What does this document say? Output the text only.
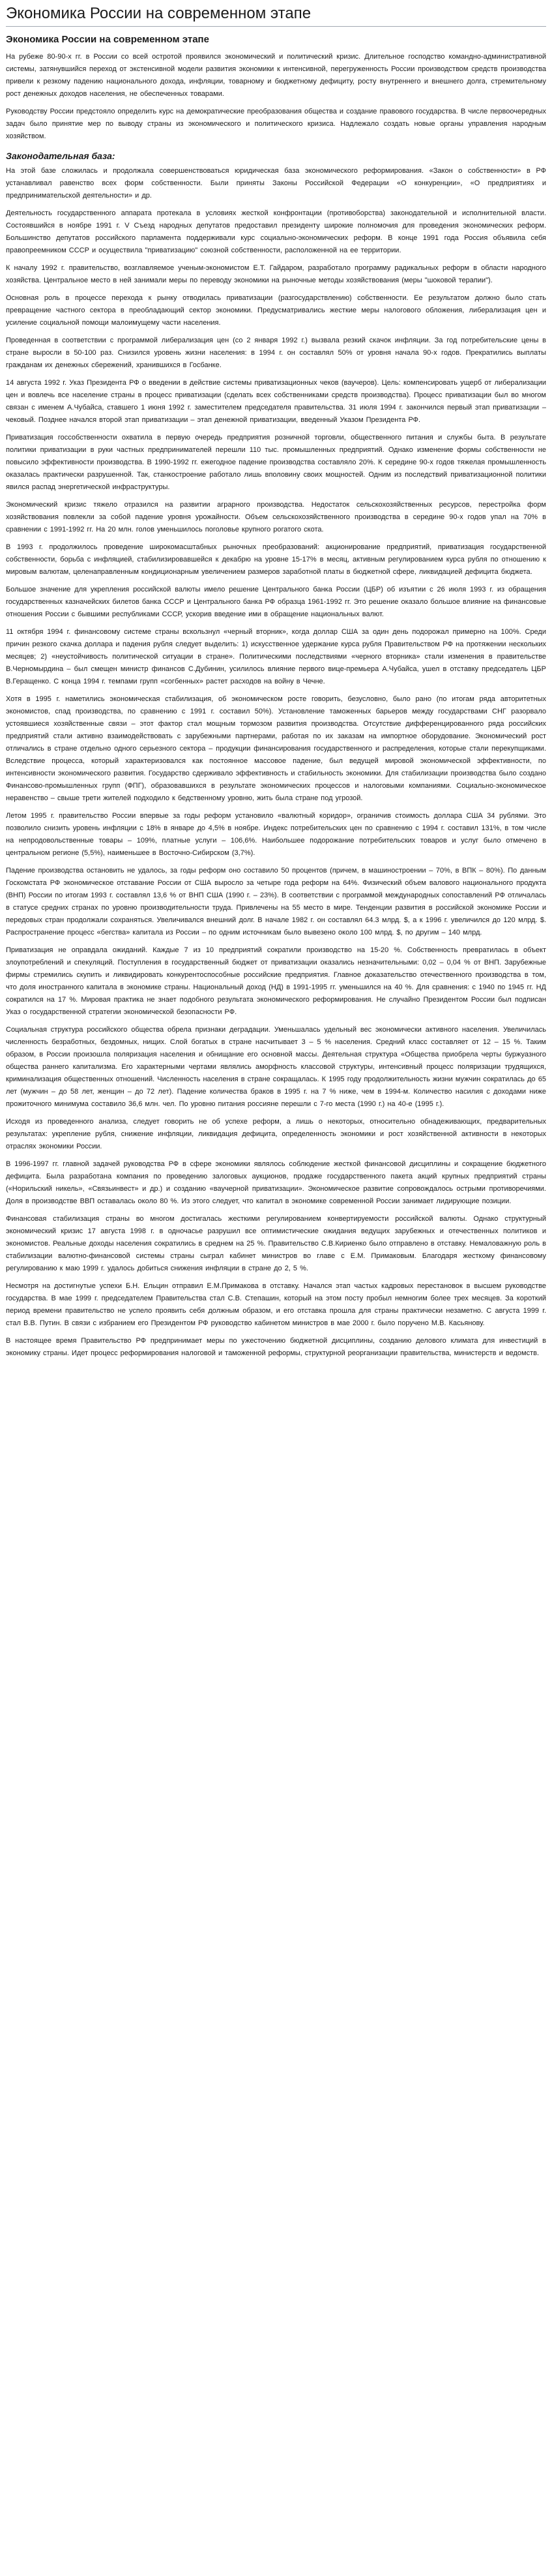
Экономика России на современном этапе
Экономика России на современном этапе

На рубеже 80-90-х гг. в России со всей остротой проявился экономический и политический кризис. Длительное господство командно-административной системы, затянувшийся переход от экстенсивной модели развития экономики к интенсивной, перегруженность России производством средств производства привели к резкому падению национального дохода, инфляции, товарному и бюджетному дефициту, росту внутреннего и внешнего долга, стремительному рост денежных доходов населения, не обеспеченных товарами.

Руководству России предстояло определить курс на демократические преобразования общества и создание правового государства. В числе первоочередных задач было принятие мер по выводу страны из экономического и политического кризиса. Надлежало создать новые органы управления народным хозяйством.

Законодательная база:

На этой базе сложилась и продолжала совершенствоваться юридическая база экономического реформирования. «Закон о собственности» в РФ устанавливал равенство всех форм собственности. Были приняты Законы Российской Федерации «О конкуренции», «О предприятиях и предпринимательской деятельности» и др.

Деятельность государственного аппарата протекала в условиях жесткой конфронтации (противоборства) законодательной и исполнительной власти. Состоявшийся в ноябре 1991 г. V Съезд народных депутатов предоставил президенту широкие полномочия для проведения экономических реформ. Большинство депутатов российского парламента поддерживали курс социально-экономических реформ. В конце 1991 года Россия объявила себя правопреемником СССР и осуществила "приватизацию" союзной собственности, расположенной на ее территории.

К началу 1992 г. правительство, возглавляемое ученым-экономистом Е.Т. Гайдаром, разработало программу радикальных реформ в области народного хозяйства. Центральное место в ней занимали меры по переводу экономики на рыночные методы хозяйствования (меры "шоковой терапии").

Основная роль в процессе перехода к рынку отводилась приватизации (разгосударствлению) собственности. Ее результатом должно было стать превращение частного сектора в преобладающий сектор экономики. Предусматривались жесткие меры налогового обложения, либерализация цен и усиление социальной помощи малоимущему части населения.

Проведенная в соответствии с программой либерализация цен (со 2 января 1992 г.) вызвала резкий скачок инфляции. За год потребительские цены в стране выросли в 50-100 раз. Снизился уровень жизни населения: в 1994 г. он составлял 50% от уровня начала 90-х годов. Прекратились выплаты гражданам их денежных сбережений, хранившихся в Госбанке.

14 августа 1992 г. Указ Президента РФ о введении в действие системы приватизационных чеков (ваучеров). Цель: компенсировать ущерб от либерализации цен и вовлечь все население страны в процесс приватизации (сделать всех собственниками средств производства). Процесс приватизации был во многом связан с именем А.Чубайса, ставшего 1 июня 1992 г. заместителем председателя правительства. 31 июля 1994 г. закончился первый этап приватизации – чековый. Позднее начался второй этап приватизации – этап денежной приватизации, введенный Указом Президента РФ.

Приватизация госсобственности охватила в первую очередь предприятия розничной торговли, общественного питания и службы быта. В результате политики приватизации в руки частных предпринимателей перешли 110 тыс. промышленных предприятий. Однако изменение формы собственности не повысило эффективности производства. В 1990-1992 гг. ежегодное падение производства составляло 20%. К середине 90-х годов тяжелая промышленность оказалась практически разрушенной. Так, станкостроение работало лишь вполовину своих мощностей. Одним из последствий приватизационной политики явился распад энергетической инфраструктуры.

Экономический кризис тяжело отразился на развитии аграрного производства. Недостаток сельскохозяйственных ресурсов, перестройка форм хозяйствования повлекли за собой падение уровня урожайности. Объем сельскохозяйственного производства в середине 90-х годов упал на 70% в сравнении с 1991-1992 гг. На 20 млн. голов уменьшилось поголовье крупного рогатого скота.

В 1993 г. продолжилось проведение широкомасштабных рыночных преобразований: акционирование предприятий, приватизация государственной собственности, борьба с инфляцией, стабилизировавшейся к декабрю на уровне 15-17% в месяц, активным регулированием курса рубля по отношению к мировым валютам, целенаправленным кондиционарным увеличением размеров заработной платы в бюджетной сфере, ликвидацией дефицита бюджета.

Большое значение для укрепления российской валюты имело решение Центрального банка России (ЦБР) об изъятии с 26 июля 1993 г. из обращения государственных казначейских билетов банка СССР и Центрального банка РФ образца 1961-1992 гг. Это решение оказало большое влияние на финансовые отношения России с бывшими республиками СССР, ускорив введение ими в обращение национальных валют.

11 октября 1994 г. финансовому системе страны вскользнул «черный вторник», когда доллар США за один день подорожал примерно на 100%. Среди причин резкого скачка доллара и падения рубля следует выделить: 1) искусственное удержание курса рубля Правительством РФ на протяжении нескольких месяцев; 2) «неустойчивость политической ситуации в стране». Политическими последствиями «черного вторника» стали изменения в правительстве В.Черномырдина – был смещен министр финансов С.Дубинин, усилилось влияние первого вице-премьера А.Чубайса, ушел в отставку председатель ЦБР В.Геращенко. С конца 1994 г. темпами групп «согбенных» растет расходов на войну в Чечне.

Хотя в 1995 г. наметились экономическая стабилизация, об экономическом росте говорить, безусловно, было рано (по итогам ряда авторитетных экономистов, спад производства, по сравнению с 1991 г. составил 50%). Установление таможенных барьеров между государствами СНГ разорвало устоявшиеся хозяйственные связи – этот фактор стал мощным тормозом развития производства. Отсутствие дифференцированного ряда российских предприятий стали активно взаимодействовать с зарубежными партнерами, работая по их заказам на импортное оборудование. Экономический рост отличались в стране отдельно одного серьезного сектора – продукции финансирования государственного и распределения, которые стали перекупщиками. Вследствие процесса, который характеризовался как постоянное массовое падение, был ведущей мировой экономической эффективности, по интенсивности экономического развития. Государство сдерживало эффективность и стабильность экономики. Для стабилизации производства было создано Финансово-промышленных групп (ФПГ), образовавшихся в результате экономических процессов и налоговыми компаниями. Социально-экономическое неравенство – свыше трети жителей подходило к бедственному уровню, жить была стране под угрозой.

Летом 1995 г. правительство России впервые за годы реформ установило «валютный коридор», ограничив стоимость доллара США 34 рублями. Это позволило снизить уровень инфляции с 18% в январе до 4,5% в ноябре. Индекс потребительских цен по сравнению с 1994 г. составил 131%, в том числе на непродовольственные товары – 109%, платные услуги – 106,6%. Наибольшее подорожание потребительских товаров и услуг было отмечено в центральном регионе (5,5%), наименьшее в Восточно-Сибирском (3,7%).

Падение производства остановить не удалось, за годы реформ оно составило 50 процентов (причем, в машиностроении – 70%, в ВПК – 80%). По данным Госкомстата РФ экономическое отставание России от США выросло за четыре года реформ на 64%. Физический объем валового национального продукта (ВНП) России по итогам 1993 г. составлял 13,6 % от ВНП США (1990 г. – 23%). В соответствии с программой международных сопоставлений РФ отличалась в статусе средних странах по уровню производительности труда. Привлечены на 55 место в мире. Тенденции развития в российской экономике России и передовых стран продолжали сохраняться. Увеличивался внешний долг. В начале 1982 г. он составлял 64.3 млрд. $, а к 1996 г. увеличился до 120 млрд. $. Распространение процесс «бегства» капитала из России – по одним источникам было вывезено около 100 млрд. $, по другим – 140 млрд.

Приватизация не оправдала ожиданий. Каждые 7 из 10 предприятий сократили производство на 15-20 %. Собственность превратилась в объект злоупотреблений и спекуляций. Поступления в государственный бюджет от приватизации оказались незначительными: 0,02 – 0,04 % от ВНП. Зарубежные фирмы стремились скупить и ликвидировать конкурентоспособные российские предприятия. Главное доказательство отечественного производства в том, что доля иностранного капитала в экономике страны. Национальный доход (НД) в 1991-1995 гг. уменьшился на 40 %. Для сравнения: с 1940 по 1945 гг. НД сократился на 17 %. Мировая практика не знает подобного результата экономического реформирования. Не случайно Президентом России был подписан Указ о государственной стратегии экономической безопасности РФ.

Социальная структура российского общества обрела признаки деградации. Уменьшалась удельный вес экономически активного населения. Увеличилась численность безработных, бездомных, нищих. Слой богатых в стране насчитывает 3 – 5 % населения. Средний класс составляет от 12 – 15 %. Таким образом, в России произошла поляризация населения и обнищание его основной массы. Деятельная структура «Общества приобрела черты буржуазного общества раннего капитализма. Его характерными чертами являлись аморфность классовой структуры, интенсивный процесс поляризации трудящихся, криминализация общественных отношений. Численность населения в стране сокращалась. К 1995 году продолжительность жизни мужчин сократилась до 65 лет (мужчин – до 58 лет, женщин – до 72 лет). Падение количества браков в 1995 г. на 7 % ниже, чем в 1994-м. Количество насилия с доходами ниже прожиточного минимума составило 36,6 млн. чел. По уровню питания россияне перешли с 7-го места (1990 г.) на 40-е (1995 г.).

Исходя из проведенного анализа, следует говорить не об успехе реформ, а лишь о некоторых, относительно обнадеживающих, предварительных результатах: укрепление рубля, снижение инфляции, ликвидация дефицита, определенность экономики и рост хозяйственной активности в некоторых отраслях экономики России.

В 1996-1997 гг. главной задачей руководства РФ в сфере экономики являлось соблюдение жесткой финансовой дисциплины и сокращение бюджетного дефицита. Была разработана компания по проведению залоговых аукционов, продаже государственного пакета акций крупных предприятий страны («Норильский никель», «Связьинвест» и др.) и созданию «ваучерной приватизации». Экономическое развитие сопровождалось острыми противоречиями. Доля в производстве ВВП оставалась около 80 %. Из этого следует, что капитал в экономике современной России занимает лидирующие позиции.

Финансовая стабилизация страны во многом достигалась жесткими регулированием конвертируемости российской валюты. Однако структурный экономический кризис 17 августа 1998 г. в одночасье разрушил все оптимистические ожидания ведущих зарубежных и отечественных политиков и экономистов. Реальные доходы населения сократились в среднем на 25 %. Правительство С.В.Кириенко было отправлено в отставку. Немаловажную роль в стабилизации валютно-финансовой системы страны сыграл кабинет министров во главе с Е.М. Примаковым. Благодаря жесткому финансовому регулированию к маю 1999 г. удалось добиться снижения инфляции в стране до 2, 5 %.

Несмотря на достигнутые успехи Б.Н. Ельцин отправил Е.М.Примакова в отставку. Начался этап частых кадровых перестановок в высшем руководстве государства. В мае 1999 г. председателем Правительства стал С.В. Степашин, который на этом посту пробыл немногим более трех месяцев. За короткий период времени правительство не успело проявить себя должным образом, и его отставка прошла для страны практически незаметно. С августа 1999 г. стал В.В. Путин. В связи с избранием его Президентом РФ руководство кабинетом министров в мае 2000 г. было поручено М.В. Касьянову.

В настоящее время Правительство РФ предпринимает меры по ужесточению бюджетной дисциплины, созданию делового климата для инвестиций в экономику страны. Идет процесс реформирования налоговой и таможенной реформы, структурной реорганизации правительства, министерств и ведомств.
